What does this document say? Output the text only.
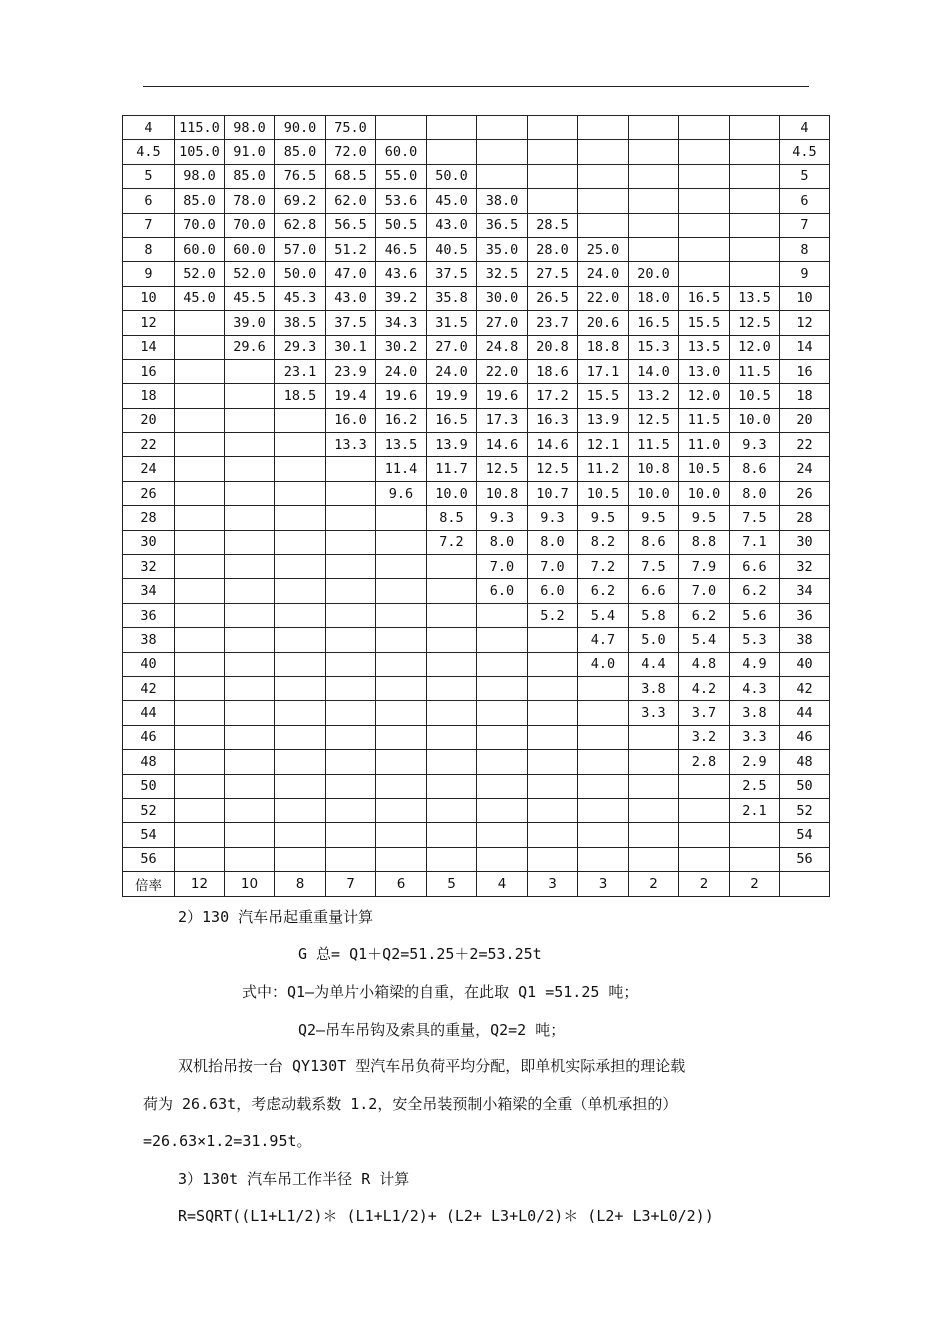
4	115.0	98.0	90.0	75.0									4
4.5	105.0	91.0	85.0	72.0	60.0								4.5
5	98.0	85.0	76.5	68.5	55.0	50.0							5
6	85.0	78.0	69.2	62.0	53.6	45.0	38.0						6
7	70.0	70.0	62.8	56.5	50.5	43.0	36.5	28.5					7
8	60.0	60.0	57.0	51.2	46.5	40.5	35.0	28.0	25.0				8
9	52.0	52.0	50.0	47.0	43.6	37.5	32.5	27.5	24.0	20.0			9
10	45.0	45.5	45.3	43.0	39.2	35.8	30.0	26.5	22.0	18.0	16.5	13.5	10
12		39.0	38.5	37.5	34.3	31.5	27.0	23.7	20.6	16.5	15.5	12.5	12
14		29.6	29.3	30.1	30.2	27.0	24.8	20.8	18.8	15.3	13.5	12.0	14
16			23.1	23.9	24.0	24.0	22.0	18.6	17.1	14.0	13.0	11.5	16
18			18.5	19.4	19.6	19.9	19.6	17.2	15.5	13.2	12.0	10.5	18
20				16.0	16.2	16.5	17.3	16.3	13.9	12.5	11.5	10.0	20
22				13.3	13.5	13.9	14.6	14.6	12.1	11.5	11.0	9.3	22
24					11.4	11.7	12.5	12.5	11.2	10.8	10.5	8.6	24
26					9.6	10.0	10.8	10.7	10.5	10.0	10.0	8.0	26
28						8.5	9.3	9.3	9.5	9.5	9.5	7.5	28
30						7.2	8.0	8.0	8.2	8.6	8.8	7.1	30
32							7.0	7.0	7.2	7.5	7.9	6.6	32
34							6.0	6.0	6.2	6.6	7.0	6.2	34
36								5.2	5.4	5.8	6.2	5.6	36
38									4.7	5.0	5.4	5.3	38
40									4.0	4.4	4.8	4.9	40
42										3.8	4.2	4.3	42
44										3.3	3.7	3.8	44
46											3.2	3.3	46
48											2.8	2.9	48
50												2.5	50
52												2.1	52
54													54
56													56
倍率	12	10	8	7	6	5	4	3	3	2	2	2	
2）130 汽车吊起重重量计算
G 总= Q1＋Q2=51.25＋2=53.25t
式中：Q1—为单片小箱梁的自重，在此取 Q1 =51.25 吨；
Q2—吊车吊钩及索具的重量，Q2=2 吨；
双机抬吊按一台 QY130T 型汽车吊负荷平均分配，即单机实际承担的理论载
荷为 26.63t，考虑动载系数 1.2，安全吊装预制小箱梁的全重（单机承担的）
=26.63×1.2=31.95t。
3）130t 汽车吊工作半径 R 计算
R=SQRT((L1+L1/2)＊ (L1+L1/2)+ (L2+ L3+L0/2)＊ (L2+ L3+L0/2))
